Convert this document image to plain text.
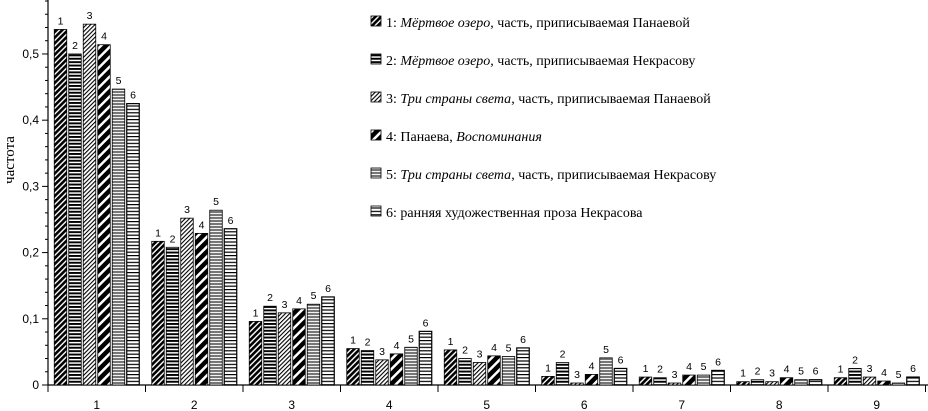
0
0,1
0,2
0,3
0,4
0,5
1	2	3	4	5	6	7	8	9
1
2
3
4
5
6
1 2
3
4
5
6
1
2
3 4 5
6
1 2
3 4
5
6
1
2 3
4 5
6
1
2
3
4
5
6
1 2 3
4 5 6
1 2 3 4 5 6 1
2
3 4 5 6
1: Мёртвое озеро, часть, приписываемая Панаевой
2: Мёртвое озеро, часть, приписываемая Некрасову
3: Три страны света, часть, приписываемая Панаевой
4: Панаева, Воспоминания
5: Три страны света, часть, приписываемая Некрасову
6: ранняя художественная проза Некрасова
частота
